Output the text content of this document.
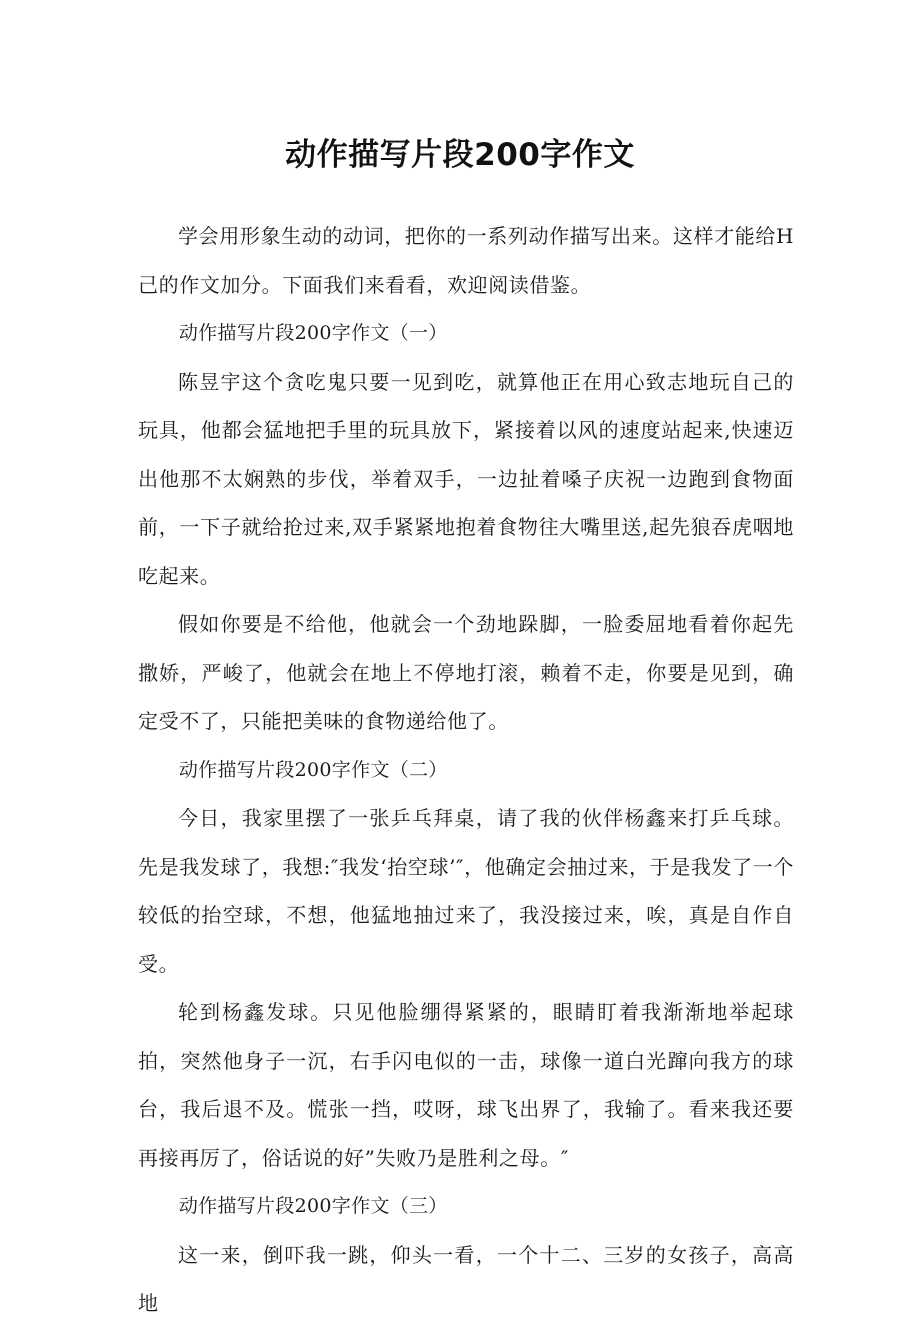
动作描写片段200字作文

学会用形象生动的动词，把你的一系列动作描写出来。这样才能给H己的作文加分。下面我们来看看，欢迎阅读借鉴。

动作描写片段200字作文（一）

陈昱宇这个贪吃鬼只要一见到吃，就算他正在用心致志地玩自己的玩具，他都会猛地把手里的玩具放下，紧接着以风的速度站起来,快速迈出他那不太娴熟的步伐，举着双手，一边扯着嗓子庆祝一边跑到食物面前，一下子就给抢过来,双手紧紧地抱着食物往大嘴里送,起先狼吞虎咽地吃起来。

假如你要是不给他，他就会一个劲地跺脚，一脸委屈地看着你起先撒娇，严峻了，他就会在地上不停地打滚，赖着不走，你要是见到，确定受不了，只能把美味的食物递给他了。

动作描写片段200字作文（二）

今日，我家里摆了一张乒乓拜桌，请了我的伙伴杨鑫来打乒乓球。先是我发球了，我想:″我发‘抬空球’″，他确定会抽过来，于是我发了一个较低的抬空球，不想，他猛地抽过来了，我没接过来，唉，真是自作自受。

轮到杨鑫发球。只见他脸绷得紧紧的，眼睛盯着我渐渐地举起球拍，突然他身子一沉，右手闪电似的一击，球像一道白光蹿向我方的球台，我后退不及。慌张一挡，哎呀，球飞出界了，我输了。看来我还要再接再厉了，俗话说的好”失败乃是胜利之母。″

动作描写片段200字作文（三）

这一来，倒吓我一跳，仰头一看，一个十二、三岁的女孩子，高高地
